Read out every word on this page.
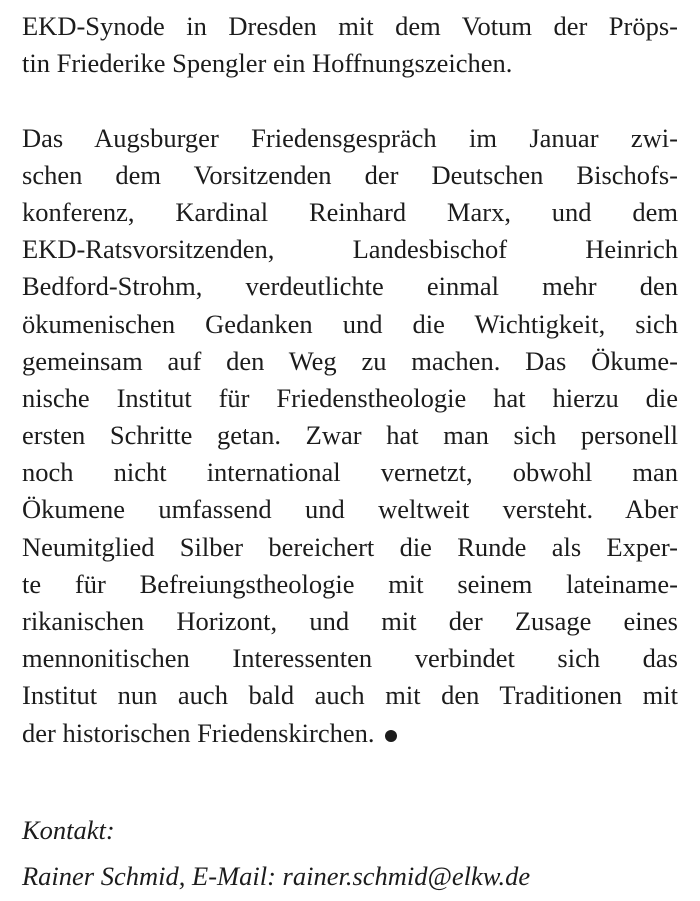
EKD-Synode in Dresden mit dem Votum der Pröps-

tin Friederike Spengler ein Hoffnungszeichen.

Das Augsburger Friedensgespräch im Januar zwi-

schen dem Vorsitzenden der Deutschen Bischofs-

konferenz, Kardinal Reinhard Marx, und dem

EKD-Ratsvorsitzenden, Landesbischof Heinrich

Bedford-Strohm, verdeutlichte einmal mehr den

ökumenischen Gedanken und die Wichtigkeit, sich

gemeinsam auf den Weg zu machen. Das Ökume-

nische Institut für Friedenstheologie hat hierzu die

ersten Schritte getan. Zwar hat man sich personell

noch nicht international vernetzt, obwohl man

Ökumene umfassend und weltweit versteht. Aber

Neumitglied Silber bereichert die Runde als Exper-

te für Befreiungstheologie mit seinem lateiname-

rikanischen Horizont, und mit der Zusage eines

mennonitischen Interessenten verbindet sich das

Institut nun auch bald auch mit den Traditionen mit

der historischen Friedenskirchen.

Kontakt:

Rainer Schmid, E-Mail: rainer.schmid@elkw.de
